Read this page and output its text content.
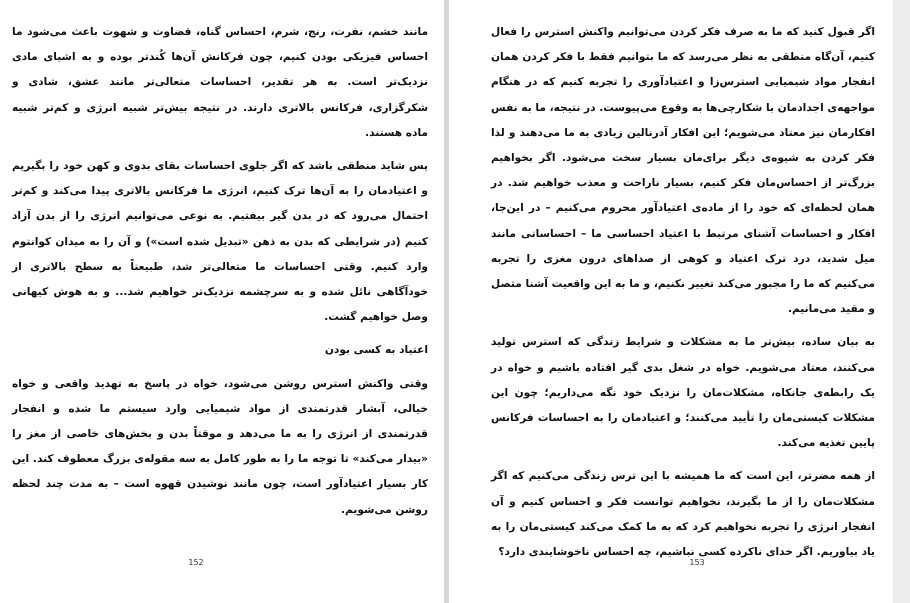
مانند خشم، نفرت، رنج، شرم، احساس گناه، قضاوت و شهوت باعث می‌شود ما احساس فیزیکی بودن کنیم، چون فرکانش آن‌ها کُندتر بوده و به اشیای مادی نزدیک‌تر است. به هر تقدیر، احساسات متعالی‌تر مانند عشق، شادی و شکرگزاری، فرکانس بالاتری دارند. در نتیجه بیش‌تر شبیه انرژی و کم‌تر شبیه ماده هستند.

پس شاید منطقی باشد که اگر جلوی احساسات بقای بدوی و کهن خود را بگیریم و اعتیادمان را به آن‌ها ترک کنیم، انرژی ما فرکانس بالاتری پیدا می‌کند و کم‌تر احتمال می‌رود که در بدن گیر بیفتیم. به نوعی می‌توانیم انرژی را از بدن آزاد کنیم (در شرایطی که بدن به ذهن «تبدیل شده است») و آن را به میدان کوانتوم وارد کنیم. وقتی احساسات ما متعالی‌تر شد، طبیعتاً به سطح بالاتری از خودآگاهی نائل شده و به سرچشمه نزدیک‌تر خواهیم شد... و به هوش کیهانی وصل خواهیم گشت.

اعتیاد به کسی بودن

وقتی واکنش استرس روشن می‌شود، خواه در پاسخ به تهدید واقعی و خواه خیالی، آبشار قدرتمندی از مواد شیمیایی وارد سیستم ما شده و انفجار قدرتمندی از انرژی را به ما می‌دهد و موقتاً بدن و بخش‌های خاصی از مغز را «بیدار می‌کند» تا توجه ما را به طور کامل به سه مقوله‌ی بزرگ معطوف کند. این کار بسیار اعتیادآور است، چون مانند نوشیدن قهوه است – به مدت چند لحظه روشن می‌شویم.

152

اگر قبول کنید که ما به صرف فکر کردن می‌توانیم واکنش استرس را فعال کنیم، آن‌گاه منطقی به نظر می‌رسد که ما بتوانیم فقط با فکر کردن همان انفجار مواد شیمیایی استرس‌زا و اعتیادآوری را تجربه کنیم که در هنگام مواجهه‌ی اجدادمان با شکارچی‌ها به وقوع می‌پیوست. در نتیجه، ما به نفس افکارمان نیز معتاد می‌شویم؛ این افکار آدرنالین زیادی به ما می‌دهند و لذا فکر کردن به شیوه‌ی دیگر برای‌مان بسیار سخت می‌شود. اگر بخواهیم بزرگ‌تر از احساس‌مان فکر کنیم، بسیار ناراحت و معذب خواهیم شد. در همان لحظه‌ای که خود را از ماده‌ی اعتیادآور محروم می‌کنیم – در این‌جا، افکار و احساسات آشنای مرتبط با اعتیاد احساسی ما – احساساتی مانند میل شدید، درد ترک اعتیاد و کوهی از صداهای درون مغزی را تجربه می‌کنیم که ما را مجبور می‌کند تغییر نکنیم، و ما به این واقعیت آشنا متصل و مقید می‌مانیم.

به بیان ساده، بیش‌تر ما به مشکلات و شرایط زندگی که استرس تولید می‌کنند، معتاد می‌شویم. خواه در شغل بدی گیر افتاده باشیم و خواه در یک رابطه‌ی جانکاه، مشکلات‌مان را نزدیک خود نگه می‌داریم؛ چون این مشکلات کیستی‌مان را تأیید می‌کنند؛ و اعتیادمان را به احساسات فرکانس پایین تغذیه می‌کند.

از همه مضرتر، این است که ما همیشه با این ترس زندگی می‌کنیم که اگر مشکلات‌مان را از ما بگیرند، نخواهیم توانست فکر و احساس کنیم و آن انفجار انرژی را تجربه نخواهیم کرد که به ما کمک می‌کند کیستی‌مان را به یاد بیاوریم. اگر خدای ناکرده کسی نباشیم، چه احساس ناخوشایندی دارد؟

153
